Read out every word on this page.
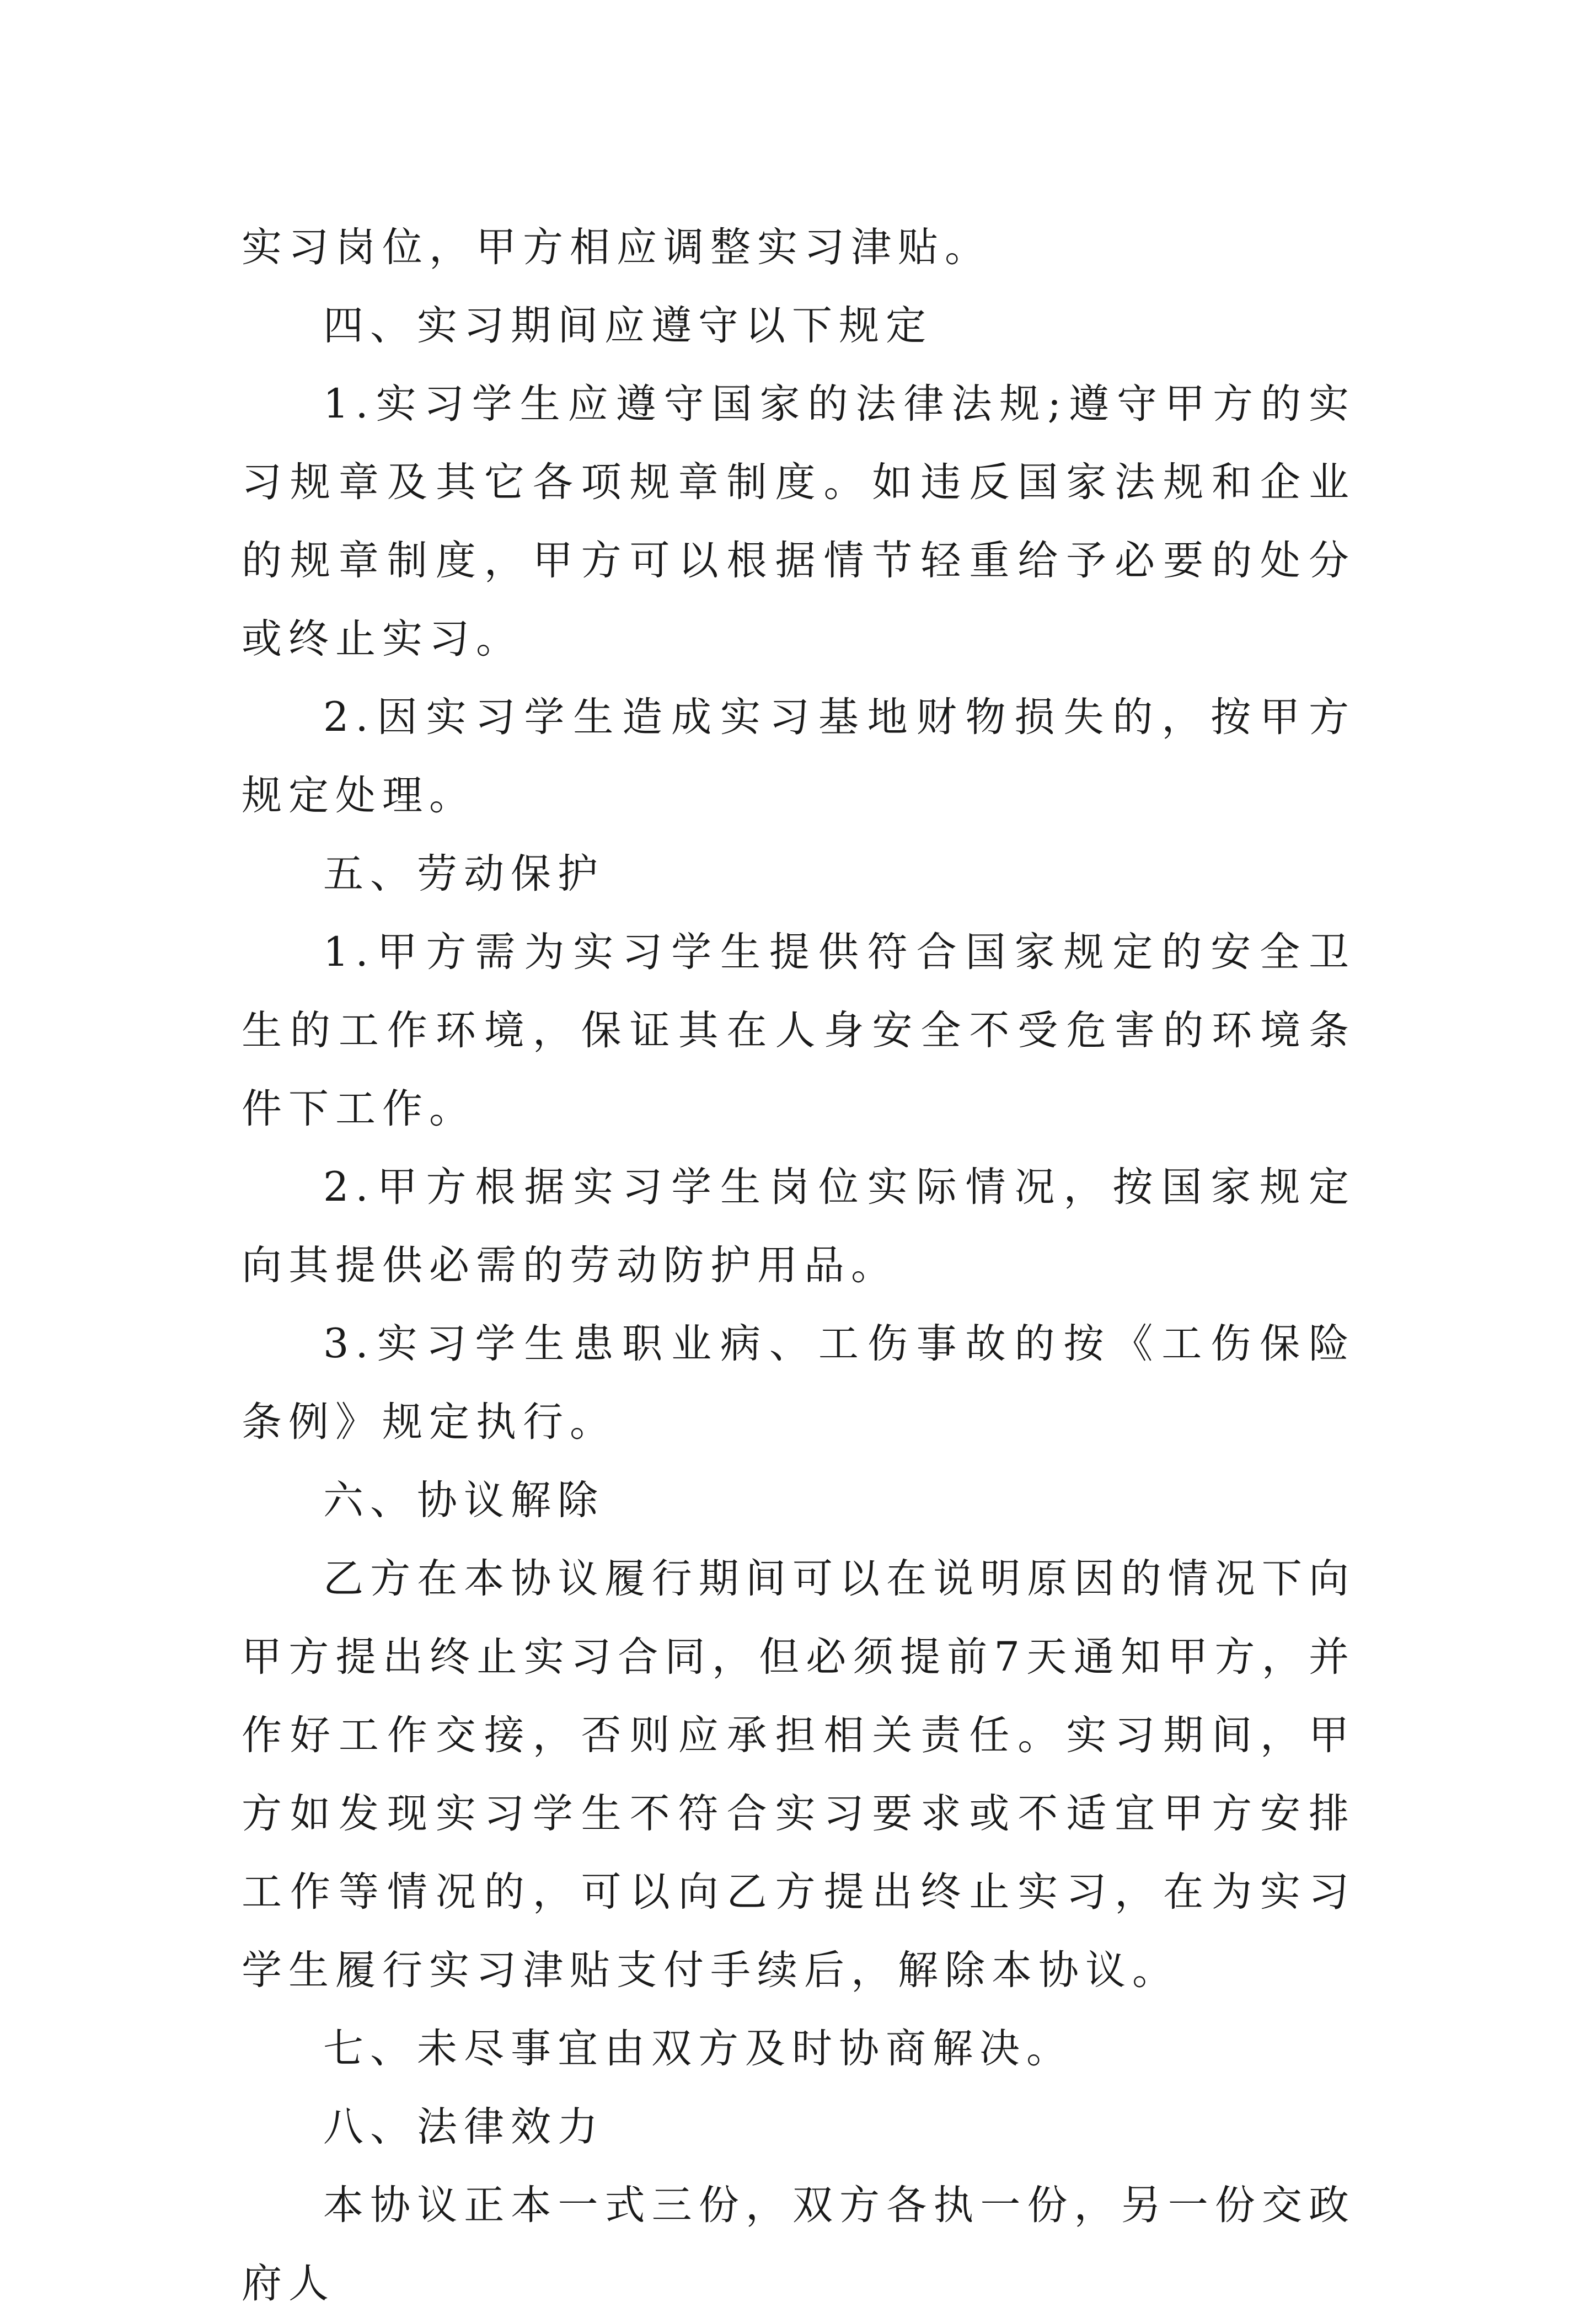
实习岗位，甲方相应调整实习津贴。

四、实习期间应遵守以下规定

1.实习学生应遵守国家的法律法规;遵守甲方的实习规章及其它各项规章制度。如违反国家法规和企业的规章制度，甲方可以根据情节轻重给予必要的处分或终止实习。

2.因实习学生造成实习基地财物损失的，按甲方规定处理。

五、劳动保护

1.甲方需为实习学生提供符合国家规定的安全卫生的工作环境，保证其在人身安全不受危害的环境条件下工作。

2.甲方根据实习学生岗位实际情况，按国家规定向其提供必需的劳动防护用品。

3.实习学生患职业病、工伤事故的按《工伤保险条例》规定执行。

六、协议解除

乙方在本协议履行期间可以在说明原因的情况下向甲方提出终止实习合同，但必须提前7天通知甲方，并作好工作交接，否则应承担相关责任。实习期间，甲方如发现实习学生不符合实习要求或不适宜甲方安排工作等情况的，可以向乙方提出终止实习，在为实习学生履行实习津贴支付手续后，解除本协议。

七、未尽事宜由双方及时协商解决。

八、法律效力

本协议正本一式三份，双方各执一份，另一份交政府人
